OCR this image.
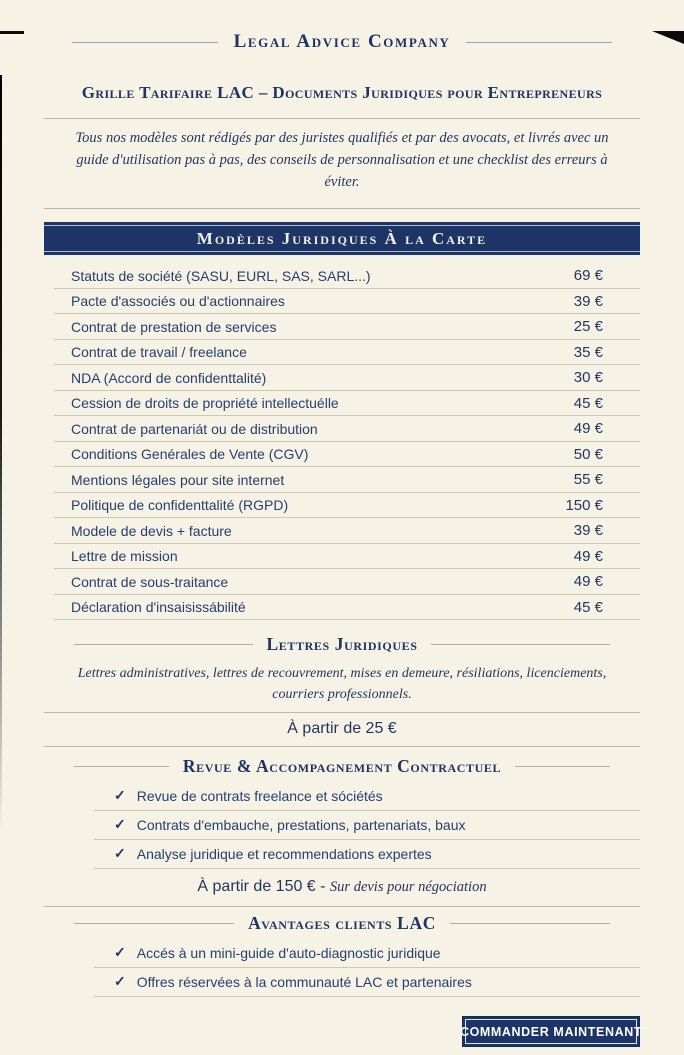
Legal Advice Company
Grille Tarifaire LAC – Documents Juridiques pour Entrepreneurs

Tous nos modèles sont rédigés par des juristes qualifiés et par des avocats, et livrés avec un guide d'utilisation pas à pas, des conseils de personnalisation et une checklist des erreurs à éviter.

Modèles Juridiques À la Carte
Statuts de société (SASU, EURL, SAS, SARL...)	69 €
Pacte d'associés ou d'actionnaires	39 €
Contrat de prestation de services	25 €
Contrat de travail / freelance	35 €
NDA (Accord de confidenttalité)	30 €
Cession de droits de propriété intellectuélle	45 €
Contrat de partenariát ou de distribution	49 €
Conditions Genérales de Vente (CGV)	50 €
Mentions légales pour site internet	55 €
Politique de confidenttalité (RGPD)	150 €
Modele de devis + facture	39 €
Lettre de mission	49 €
Contrat de sous-traitance	49 €
Déclaration d'insaisissábilité	45 €
Lettres Juridiques

Lettres administratives, lettres de recouvrement, mises en demeure, résiliations, licenciements, courriers professionnels.

À partir de 25 €
Revue & Accompagnement Contractuel
✓ Revue de contrats freelance et sóciétés
✓ Contrats d'embauche, prestations, partenariats, baux
✓ Analyse juridique et recommendations expertes
À partir de 150 € - Sur devis pour négociation
Avantages clients LAC
✓ Accés à un mini-guide d'auto-diagnostic juridique
✓ Offres réservées à la communauté LAC et partenaires
COMMANDER MAINTENANT
